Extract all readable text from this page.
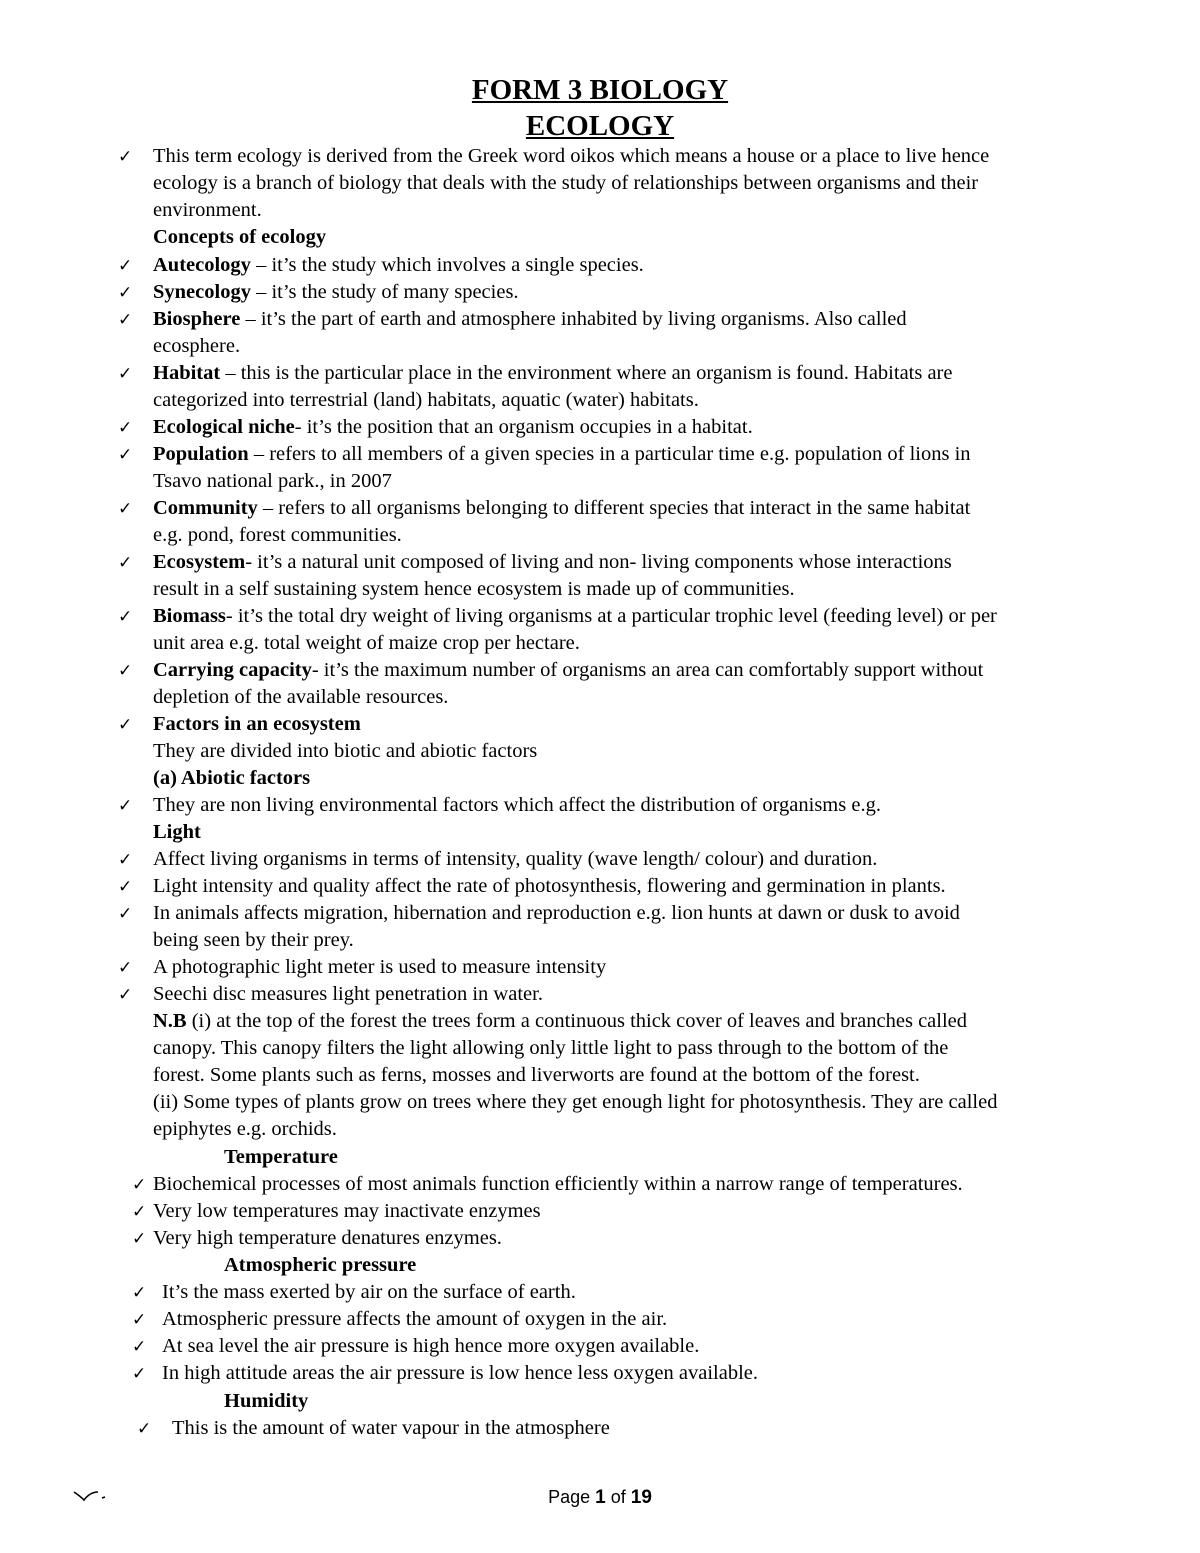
FORM 3 BIOLOGY
ECOLOGY
✓
✓
✓
✓
✓
✓
✓
✓
✓
✓
✓
✓
✓
✓
✓
✓
✓
✓
✓
✓
✓
✓
✓
✓
✓
✓
This term ecology is derived from the Greek word oikos which means a house or a place to live hence
ecology is a branch of biology that deals with the study of relationships between organisms and their
environment.
Concepts of ecology
Autecology – it’s the study which involves a single species.
Synecology – it’s the study of many species.
Biosphere – it’s the part of earth and atmosphere inhabited by living organisms. Also called
ecosphere.
Habitat – this is the particular place in the environment where an organism is found. Habitats are
categorized into terrestrial (land) habitats, aquatic (water) habitats.
Ecological niche- it’s the position that an organism occupies in a habitat.
Population – refers to all members of a given species in a particular time e.g. population of lions in
Tsavo national park., in 2007
Community – refers to all organisms belonging to different species that interact in the same habitat
e.g. pond, forest communities.
Ecosystem- it’s a natural unit composed of living and non- living components whose interactions
result in a self sustaining system hence ecosystem is made up of communities.
Biomass- it’s the total dry weight of living organisms at a particular trophic level (feeding level) or per
unit area e.g. total weight of maize crop per hectare.
Carrying capacity- it’s the maximum number of organisms an area can comfortably support without
depletion of the available resources.
Factors in an ecosystem
They are divided into biotic and abiotic factors
(a) Abiotic factors
They are non living environmental factors which affect the distribution of organisms e.g.
Light
Affect living organisms in terms of intensity, quality (wave length/ colour) and duration.
Light intensity and quality affect the rate of photosynthesis, flowering and germination in plants.
In animals affects migration, hibernation and reproduction e.g. lion hunts at dawn or dusk to avoid
being seen by their prey.
A photographic light meter is used to measure intensity
Seechi disc measures light penetration in water.
N.B (i) at the top of the forest the trees form a continuous thick cover of leaves and branches called
canopy. This canopy filters the light allowing only little light to pass through to the bottom of the
forest. Some plants such as ferns, mosses and liverworts are found at the bottom of the forest.
(ii) Some types of plants grow on trees where they get enough light for photosynthesis. They are called
epiphytes e.g. orchids.
Temperature
Biochemical processes of most animals function efficiently within a narrow range of temperatures.
Very low temperatures may inactivate enzymes
Very high temperature denatures enzymes.
Atmospheric pressure
It’s the mass exerted by air on the surface of earth.
Atmospheric pressure affects the amount of oxygen in the air.
At sea level the air pressure is high hence more oxygen available.
In high attitude areas the air pressure is low hence less oxygen available.
Humidity
This is the amount of water vapour in the atmosphere
Page 1 of 19
